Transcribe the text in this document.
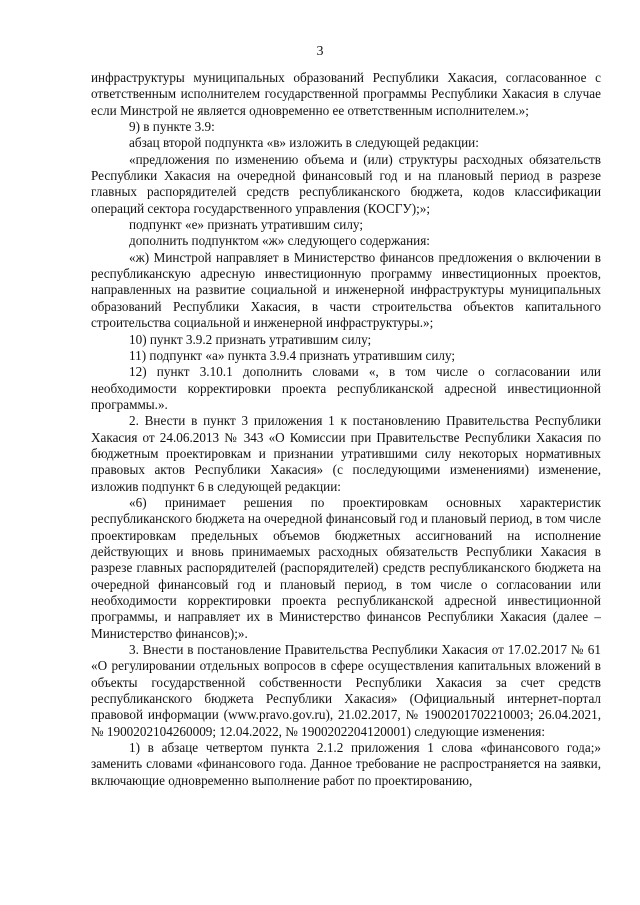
3

инфраструктуры муниципальных образований Республики Хакасия, согласованное с ответственным исполнителем государственной программы Республики Хакасия в случае если Минстрой не является одновременно ее ответственным исполнителем.»;

9) в пункте 3.9:

абзац второй подпункта «в» изложить в следующей редакции:

«предложения по изменению объема и (или) структуры расходных обязательств Республики Хакасия на очередной финансовый год и на плановый период в разрезе главных распорядителей средств республиканского бюджета, кодов классификации операций сектора государственного управления (КОСГУ);»;

подпункт «е» признать утратившим силу;

дополнить подпунктом «ж» следующего содержания:

«ж) Минстрой направляет в Министерство финансов предложения о включении в республиканскую адресную инвестиционную программу инвестиционных проектов, направленных на развитие социальной и инженерной инфраструктуры муниципальных образований Республики Хакасия, в части строительства объектов капитального строительства социальной и инженерной инфраструктуры.»;

10) пункт 3.9.2 признать утратившим силу;

11) подпункт «а» пункта 3.9.4 признать утратившим силу;

12) пункт 3.10.1 дополнить словами «, в том числе о согласовании или необходимости корректировки проекта республиканской адресной инвестиционной программы.».

2. Внести в пункт 3 приложения 1 к постановлению Правительства Республики Хакасия от 24.06.2013 № 343 «О Комиссии при Правительстве Республики Хакасия по бюджетным проектировкам и признании утратившими силу некоторых нормативных правовых актов Республики Хакасия» (с последующими изменениями) изменение, изложив подпункт 6 в следующей редакции:

«6) принимает решения по проектировкам основных характеристик республиканского бюджета на очередной финансовый год и плановый период, в том числе проектировкам предельных объемов бюджетных ассигнований на исполнение действующих и вновь принимаемых расходных обязательств Республики Хакасия в разрезе главных распорядителей (распорядителей) средств республиканского бюджета на очередной финансовый год и плановый период, в том числе о согласовании или необходимости корректировки проекта республиканской адресной инвестиционной программы, и направляет их в Министерство финансов Республики Хакасия (далее – Министерство финансов);».

3. Внести в постановление Правительства Республики Хакасия от 17.02.2017 № 61 «О регулировании отдельных вопросов в сфере осуществления капитальных вложений в объекты государственной собственности Республики Хакасия за счет средств республиканского бюджета Республики Хакасия» (Официальный интернет-портал правовой информации (www.pravo.gov.ru), 21.02.2017, № 1900201702210003; 26.04.2021, № 1900202104260009; 12.04.2022, № 1900202204120001) следующие изменения:

1) в абзаце четвертом пункта 2.1.2 приложения 1 слова «финансового года;» заменить словами «финансового года. Данное требование не распространяется на заявки, включающие одновременно выполнение работ по проектированию,
